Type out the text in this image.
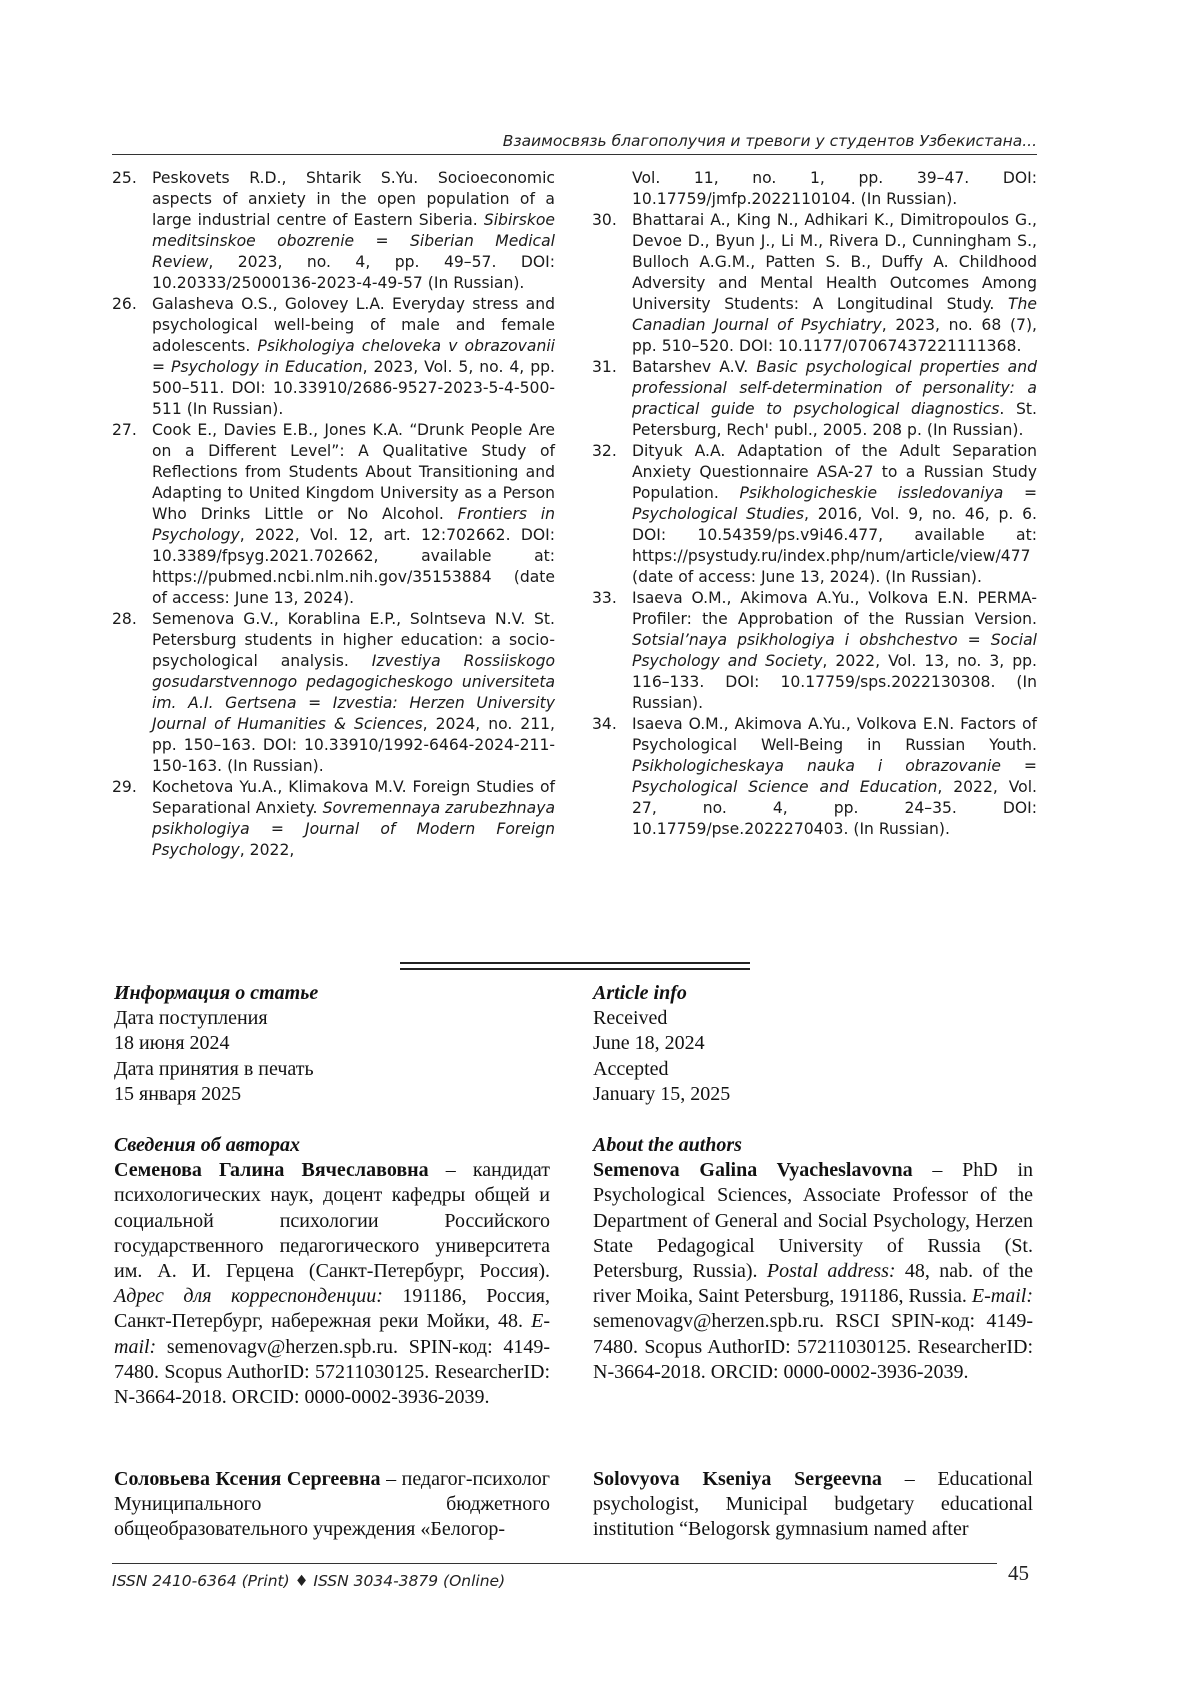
Взаимосвязь благополучия и тревоги у студентов Узбекистана...
25. Peskovets R.D., Shtarik S.Yu. Socioeconomic aspects of anxiety in the open population of a large industrial centre of Eastern Siberia. Sibirskoe meditsinskoe obozrenie = Siberian Medical Review, 2023, no. 4, pp. 49–57. DOI: 10.20333/25000136-2023-4-49-57 (In Russian).
26. Galasheva O.S., Golovey L.A. Everyday stress and psychological well-being of male and female adolescents. Psikhologiya cheloveka v obrazovanii = Psychology in Education, 2023, Vol. 5, no. 4, pp. 500–511. DOI: 10.33910/2686-9527-2023-5-4-500-511 (In Russian).
27. Cook E., Davies E.B., Jones K.A. “Drunk People Are on a Different Level”: A Qualitative Study of Reflections from Students About Transitioning and Adapting to United Kingdom University as a Person Who Drinks Little or No Alcohol. Frontiers in Psychology, 2022, Vol. 12, art. 12:702662. DOI: 10.3389/fpsyg.2021.702662, available at: https://pubmed.ncbi.nlm.nih.gov/35153884 (date of access: June 13, 2024).
28. Semenova G.V., Korablina E.P., Solntseva N.V. St. Petersburg students in higher education: a socio-psychological analysis. Izvestiya Rossiiskogo gosudarstvennogo pedagogicheskogo universiteta im. A.I. Gertsena = Izvestia: Herzen University Journal of Humanities & Sciences, 2024, no. 211, pp. 150–163. DOI: 10.33910/1992-6464-2024-211-150-163. (In Russian).
29. Kochetova Yu.A., Klimakova M.V. Foreign Studies of Separational Anxiety. Sovremennaya zarubezhnaya psikhologiya = Journal of Modern Foreign Psychology, 2022,
Vol. 11, no. 1, pp. 39–47. DOI: 10.17759/jmfp.2022110104. (In Russian).
30. Bhattarai A., King N., Adhikari K., Dimitropoulos G., Devoe D., Byun J., Li M., Rivera D., Cunningham S., Bulloch A.G.M., Patten S. B., Duffy A. Childhood Adversity and Mental Health Outcomes Among University Students: A Longitudinal Study. The Canadian Journal of Psychiatry, 2023, no. 68 (7), pp. 510–520. DOI: 10.1177/07067437221111368.
31. Batarshev A.V. Basic psychological properties and professional self-determination of personality: a practical guide to psychological diagnostics. St. Petersburg, Rech' publ., 2005. 208 p. (In Russian).
32. Dityuk A.A. Adaptation of the Adult Separation Anxiety Questionnaire ASA-27 to a Russian Study Population. Psikhologicheskie issledovaniya = Psychological Studies, 2016, Vol. 9, no. 46, p. 6. DOI: 10.54359/ps.v9i46.477, available at: https://psystudy.ru/index.php/num/article/view/477 (date of access: June 13, 2024). (In Russian).
33. Isaeva O.M., Akimova A.Yu., Volkova E.N. PERMA-Profiler: the Approbation of the Russian Version. Sotsial’naya psikhologiya i obshchestvo = Social Psychology and Society, 2022, Vol. 13, no. 3, pp. 116–133. DOI: 10.17759/sps.2022130308. (In Russian).
34. Isaeva O.M., Akimova A.Yu., Volkova E.N. Factors of Psychological Well-Being in Russian Youth. Psikhologicheskaya nauka i obrazovanie = Psychological Science and Education, 2022, Vol. 27, no. 4, pp. 24–35. DOI: 10.17759/pse.2022270403. (In Russian).

Информация о статье

Дата поступления

18 июня 2024

Дата принятия в печать

15 января 2025

Article info

Received

June 18, 2024

Accepted

January 15, 2025

Сведения об авторах

Семенова Галина Вячеславовна – кандидат психологических наук, доцент кафедры общей и социальной психологии Российского государственного педагогического университета им. А. И. Герцена (Санкт-Петербург, Россия). Адрес для корреспонденции: 191186, Россия, Санкт-Петербург, набережная реки Мойки, 48. E-mail: semenovagv@herzen.spb.ru. SPIN-код: 4149-7480. Scopus AuthorID: 57211030125. ResearcherID: N-3664-2018. ORCID: 0000-0002-3936-2039.

Соловьева Ксения Сергеевна – педагог-психолог Муниципального бюджетного общеобразовательного учреждения «Белогор-

About the authors

Semenova Galina Vyacheslavovna – PhD in Psychological Sciences, Associate Professor of the Department of General and Social Psychology, Herzen State Pedagogical University of Russia (St. Petersburg, Russia). Postal address: 48, nab. of the river Moika, Saint Petersburg, 191186, Russia. E-mail: semenovagv@herzen.spb.ru. RSCI SPIN-код: 4149-7480. Scopus AuthorID: 57211030125. ResearcherID: N-3664-2018. ORCID: 0000-0002-3936-2039.

Solovyova Kseniya Sergeevna – Educational psychologist, Municipal budgetary educational institution “Belogorsk gymnasium named after

ISSN 2410-6364 (Print) ♦ ISSN 3034-3879 (Online)	45
